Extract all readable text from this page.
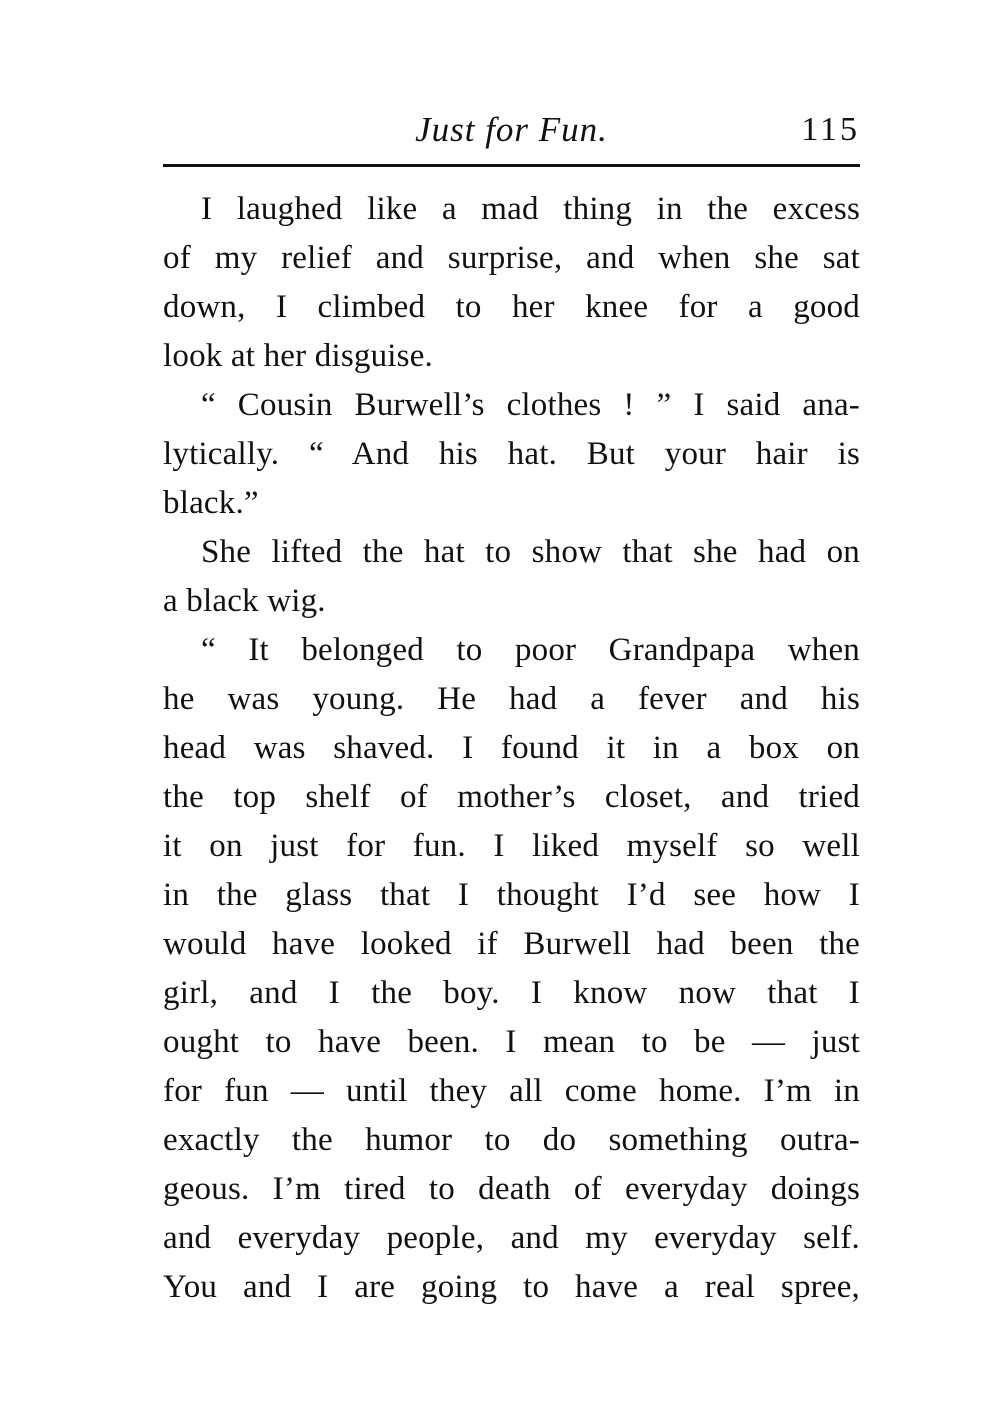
Just for Fun.	115
I laughed like a mad thing in the excess
of my relief and surprise, and when she sat
down, I climbed to her knee for a good
look at her disguise.
“ Cousin Burwell’s clothes ! ” I said ana-
lytically. “ And his hat. But your hair is
black.”
She lifted the hat to show that she had on
a black wig.
“ It belonged to poor Grandpapa when
he was young. He had a fever and his
head was shaved. I found it in a box on
the top shelf of mother’s closet, and tried
it on just for fun. I liked myself so well
in the glass that I thought I’d see how I
would have looked if Burwell had been the
girl, and I the boy. I know now that I
ought to have been. I mean to be — just
for fun — until they all come home. I’m in
exactly the humor to do something outra-
geous. I’m tired to death of everyday doings
and everyday people, and my everyday self.
You and I are going to have a real spree,
